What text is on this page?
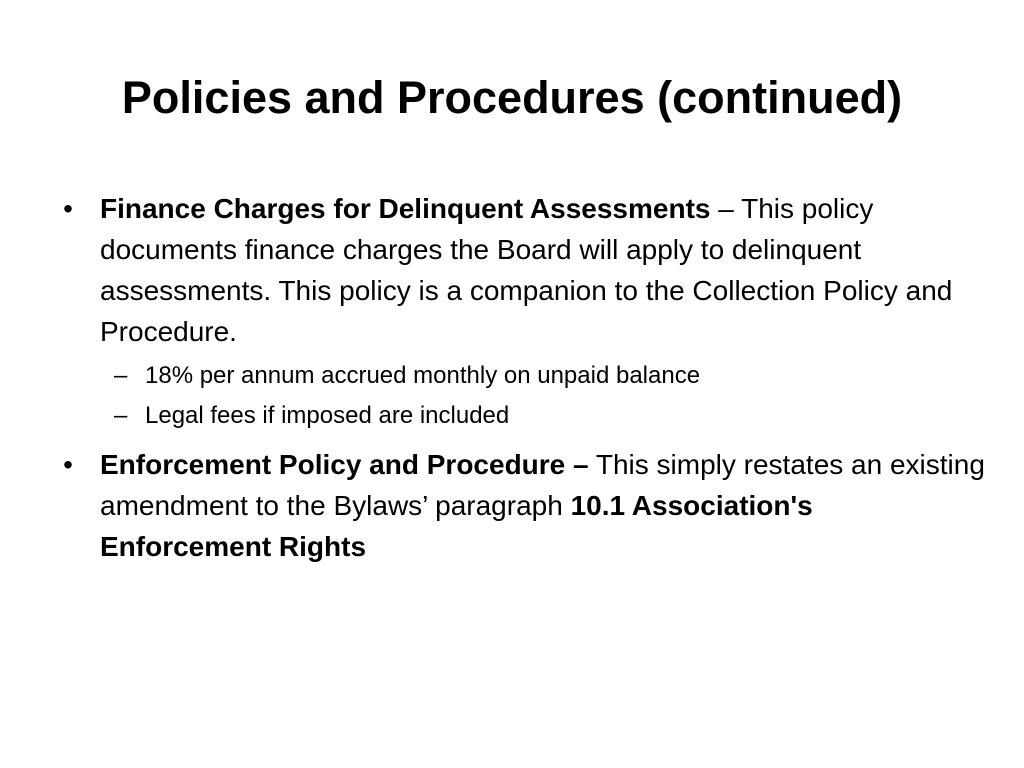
Policies and Procedures (continued)
• Finance Charges for Delinquent Assessments – This policy documents finance charges the Board will apply to delinquent assessments. This policy is a companion to the Collection Policy and Procedure.
– 18% per annum accrued monthly on unpaid balance
– Legal fees if imposed are included
• Enforcement Policy and Procedure – This simply restates an existing amendment to the Bylaws’ paragraph 10.1 Association's Enforcement Rights
